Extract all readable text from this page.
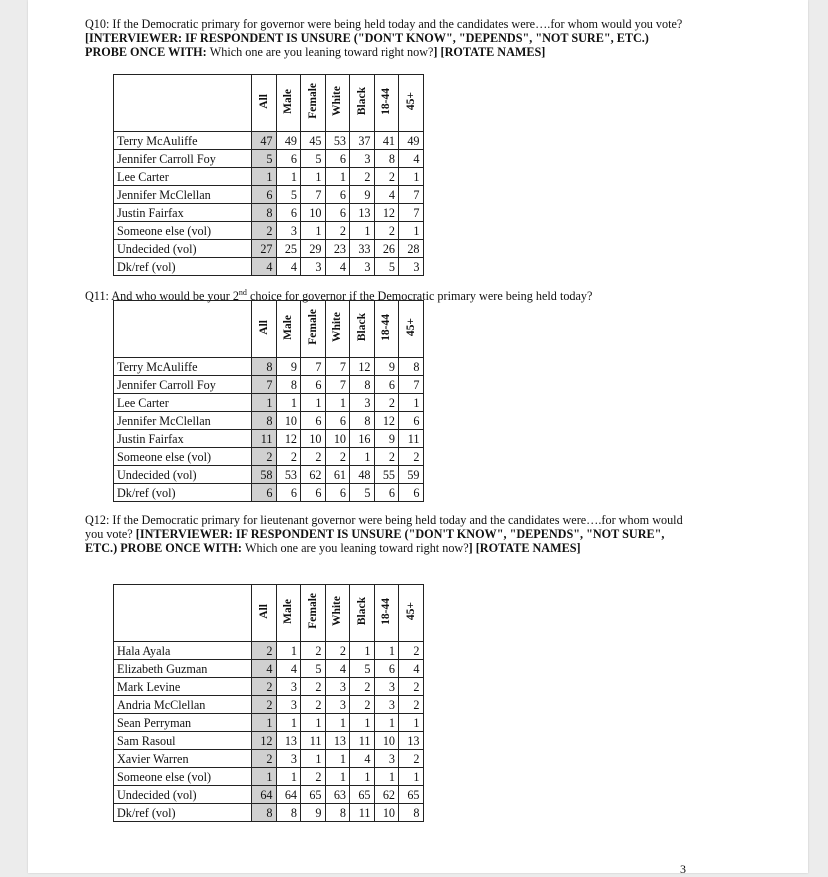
Q10: If the Democratic primary for governor were being held today and the candidates were….for whom would you vote? [INTERVIEWER: IF RESPONDENT IS UNSURE ("DON'T KNOW", "DEPENDS", "NOT SURE", ETC.) PROBE ONCE WITH: Which one are you leaning toward right now?] [ROTATE NAMES]
	All	Male	Female	White	Black	18-44	45+
Terry McAuliffe	47	49	45	53	37	41	49
Jennifer Carroll Foy	5	6	5	6	3	8	4
Lee Carter	1	1	1	1	2	2	1
Jennifer McClellan	6	5	7	6	9	4	7
Justin Fairfax	8	6	10	6	13	12	7
Someone else (vol)	2	3	1	2	1	2	1
Undecided (vol)	27	25	29	23	33	26	28
Dk/ref (vol)	4	4	3	4	3	5	3
Q11: And who would be your 2nd choice for governor if the Democratic primary were being held today?
	All	Male	Female	White	Black	18-44	45+
Terry McAuliffe	8	9	7	7	12	9	8
Jennifer Carroll Foy	7	8	6	7	8	6	7
Lee Carter	1	1	1	1	3	2	1
Jennifer McClellan	8	10	6	6	8	12	6
Justin Fairfax	11	12	10	10	16	9	11
Someone else (vol)	2	2	2	2	1	2	2
Undecided (vol)	58	53	62	61	48	55	59
Dk/ref (vol)	6	6	6	6	5	6	6
Q12: If the Democratic primary for lieutenant governor were being held today and the candidates were….for whom would you vote? [INTERVIEWER: IF RESPONDENT IS UNSURE ("DON'T KNOW", "DEPENDS", "NOT SURE", ETC.) PROBE ONCE WITH: Which one are you leaning toward right now?] [ROTATE NAMES]
	All	Male	Female	White	Black	18-44	45+
Hala Ayala	2	1	2	2	1	1	2
Elizabeth Guzman	4	4	5	4	5	6	4
Mark Levine	2	3	2	3	2	3	2
Andria McClellan	2	3	2	3	2	3	2
Sean Perryman	1	1	1	1	1	1	1
Sam Rasoul	12	13	11	13	11	10	13
Xavier Warren	2	3	1	1	4	3	2
Someone else (vol)	1	1	2	1	1	1	1
Undecided (vol)	64	64	65	63	65	62	65
Dk/ref (vol)	8	8	9	8	11	10	8
3
